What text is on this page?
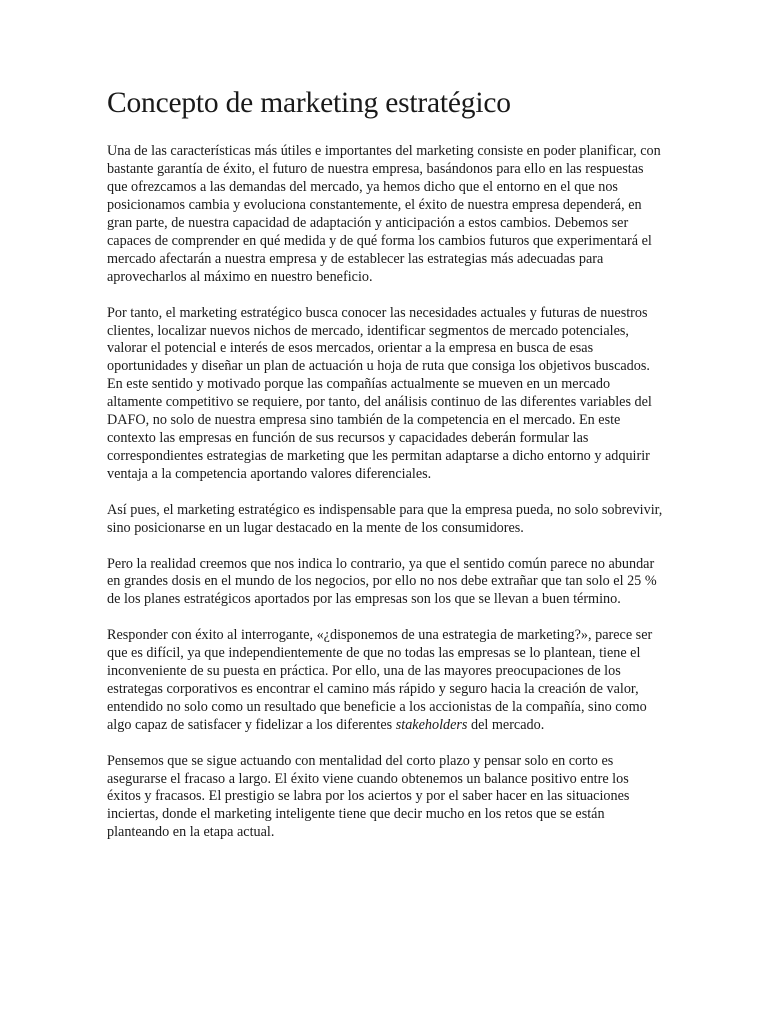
Concepto de marketing estratégico

Una de las características más útiles e importantes del marketing consiste en poder planificar, con bastante garantía de éxito, el futuro de nuestra empresa, basándonos para ello en las respuestas que ofrezcamos a las demandas del mercado, ya hemos dicho que el entorno en el que nos posicionamos cambia y evoluciona constantemente, el éxito de nuestra empresa dependerá, en gran parte, de nuestra capacidad de adaptación y anticipación a estos cambios. Debemos ser capaces de comprender en qué medida y de qué forma los cambios futuros que experimentará el mercado afectarán a nuestra empresa y de establecer las estrategias más adecuadas para aprovecharlos al máximo en nuestro beneficio.

Por tanto, el marketing estratégico busca conocer las necesidades actuales y futuras de nuestros clientes, localizar nuevos nichos de mercado, identificar segmentos de mercado potenciales, valorar el potencial e interés de esos mercados, orientar a la empresa en busca de esas oportunidades y diseñar un plan de actuación u hoja de ruta que consiga los objetivos buscados. En este sentido y motivado porque las compañías actualmente se mueven en un mercado altamente competitivo se requiere, por tanto, del análisis continuo de las diferentes variables del DAFO, no solo de nuestra empresa sino también de la competencia en el mercado. En este contexto las empresas en función de sus recursos y capacidades deberán formular las correspondientes estrategias de marketing que les permitan adaptarse a dicho entorno y adquirir ventaja a la competencia aportando valores diferenciales.

Así pues, el marketing estratégico es indispensable para que la empresa pueda, no solo sobrevivir, sino posicionarse en un lugar destacado en la mente de los consumidores.

Pero la realidad creemos que nos indica lo contrario, ya que el sentido común parece no abundar en grandes dosis en el mundo de los negocios, por ello no nos debe extrañar que tan solo el 25 % de los planes estratégicos aportados por las empresas son los que se llevan a buen término.

Responder con éxito al interrogante, «¿disponemos de una estrategia de marketing?», parece ser que es difícil, ya que independientemente de que no todas las empresas se lo plantean, tiene el inconveniente de su puesta en práctica. Por ello, una de las mayores preocupaciones de los estrategas corporativos es encontrar el camino más rápido y seguro hacia la creación de valor, entendido no solo como un resultado que beneficie a los accionistas de la compañía, sino como algo capaz de satisfacer y fidelizar a los diferentes stakeholders del mercado.

Pensemos que se sigue actuando con mentalidad del corto plazo y pensar solo en corto es asegurarse el fracaso a largo. El éxito viene cuando obtenemos un balance positivo entre los éxitos y fracasos. El prestigio se labra por los aciertos y por el saber hacer en las situaciones inciertas, donde el marketing inteligente tiene que decir mucho en los retos que se están planteando en la etapa actual.
